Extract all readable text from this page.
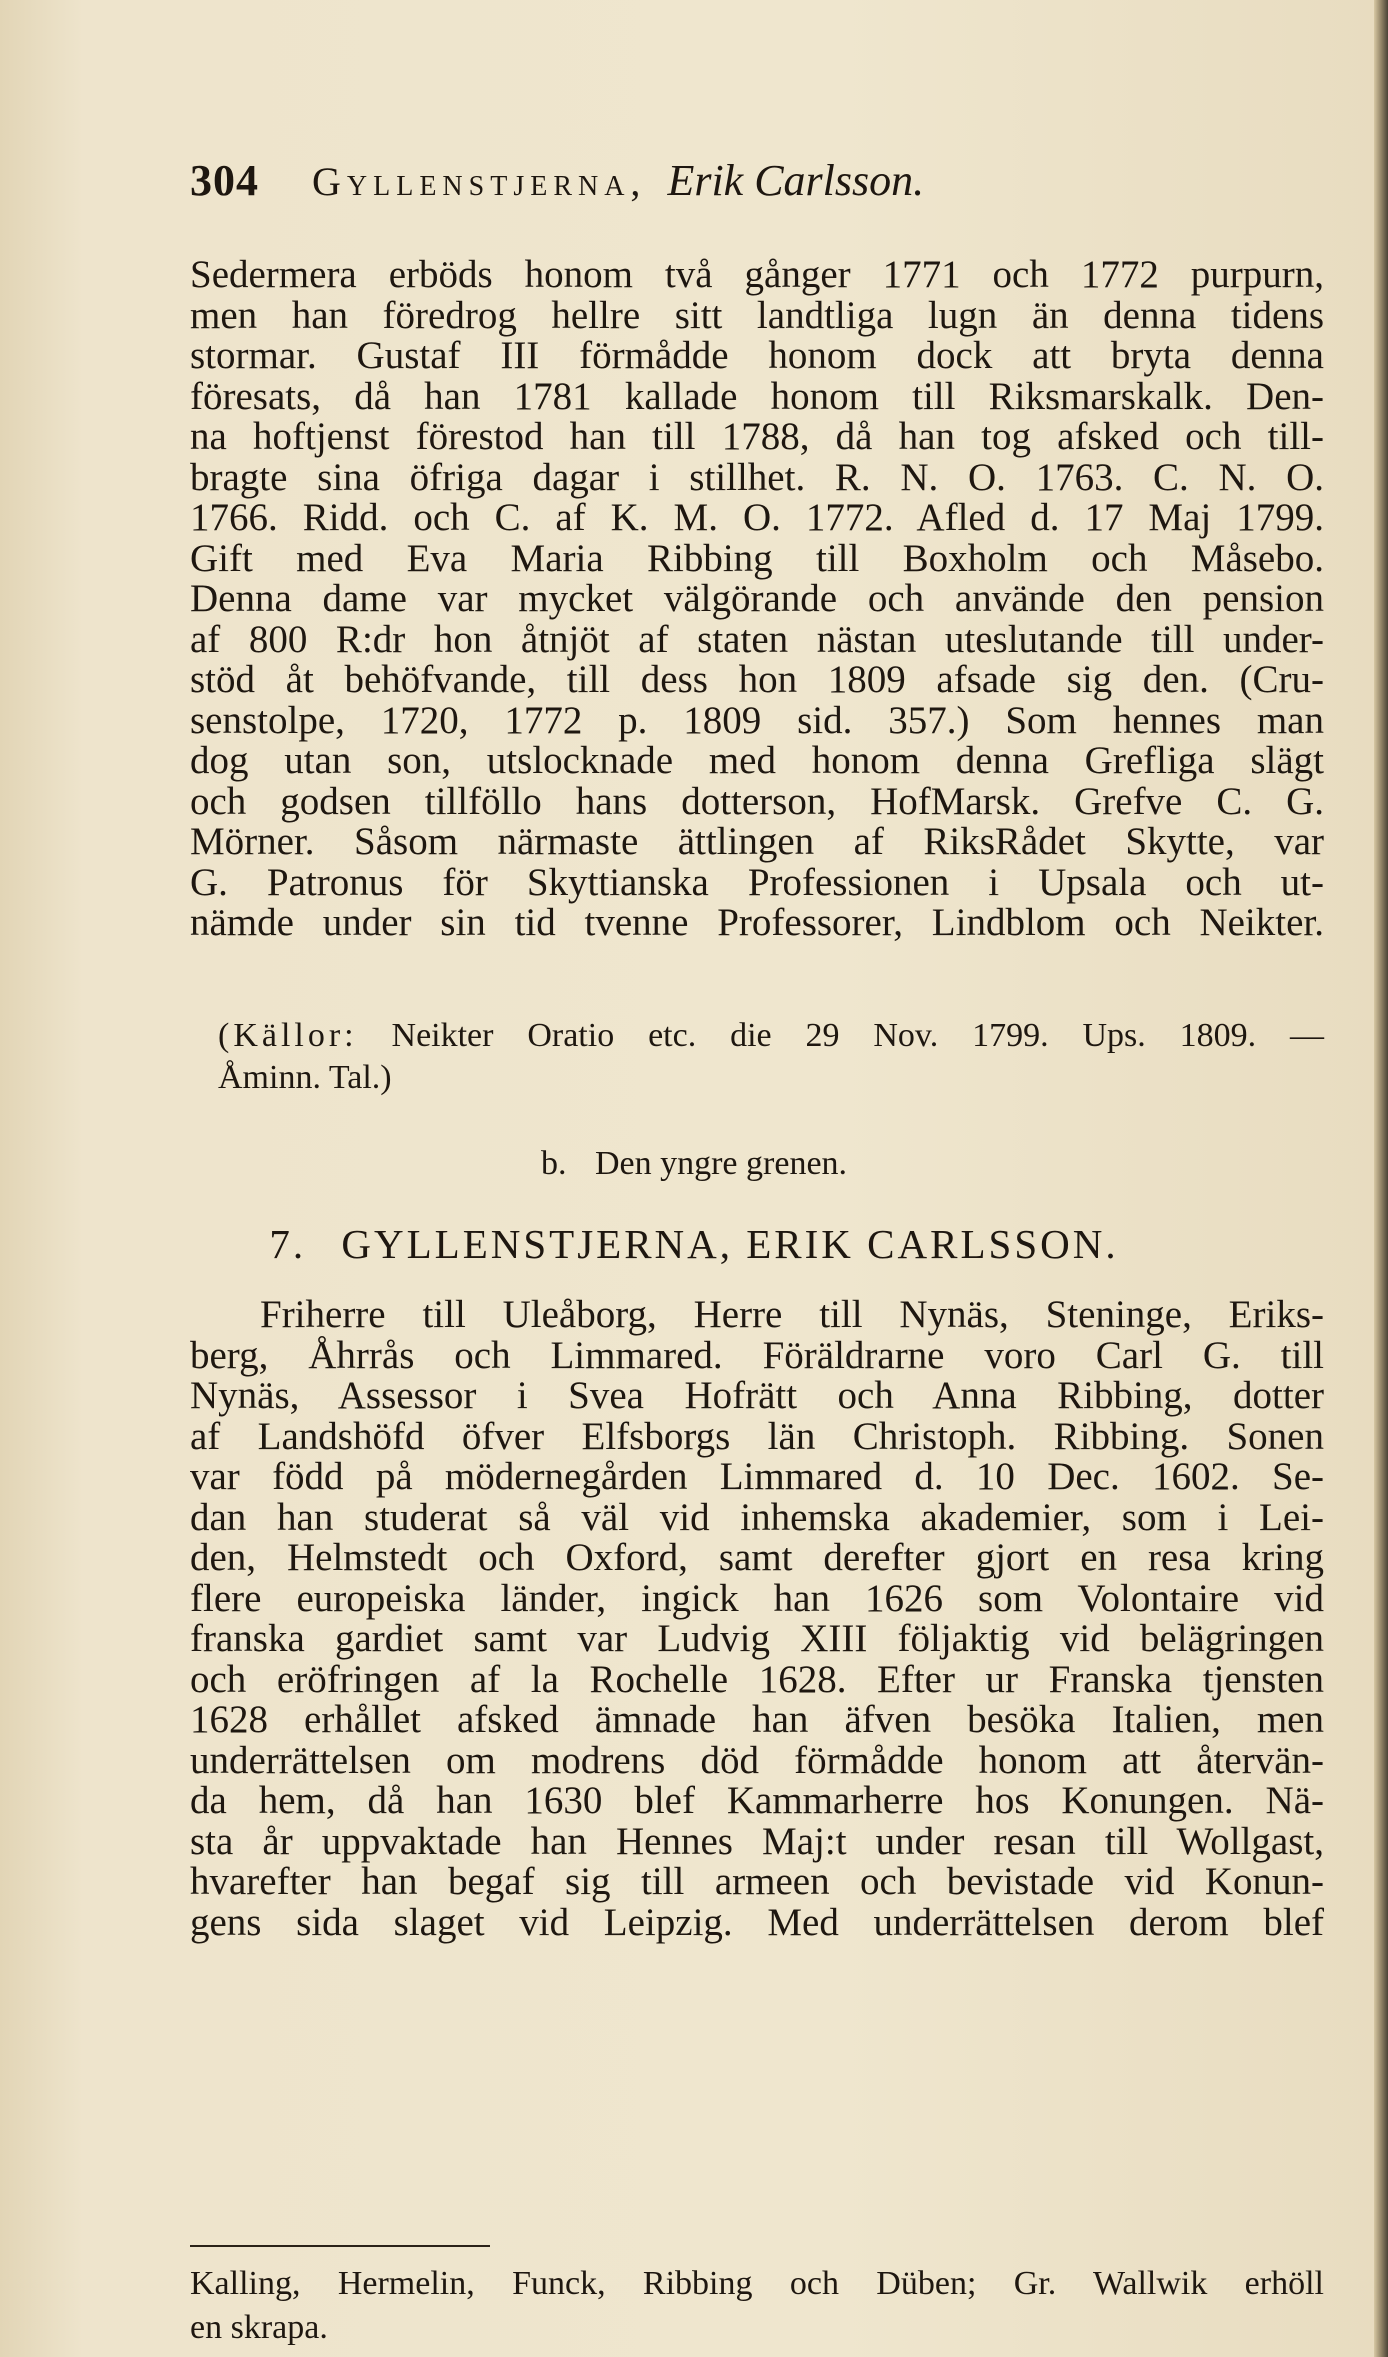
304 Gyllenstjerna, Erik Carlsson.

Sedermera erböds honom två gånger 1771 och 1772 purpurn,

men han föredrog hellre sitt landtliga lugn än denna tidens

stormar. Gustaf III förmådde honom dock att bryta denna

föresats, då han 1781 kallade honom till Riksmarskalk. Den-

na hoftjenst förestod han till 1788, då han tog afsked och till-

bragte sina öfriga dagar i stillhet. R. N. O. 1763. C. N. O.

1766. Ridd. och C. af K. M. O. 1772. Afled d. 17 Maj 1799.

Gift med Eva Maria Ribbing till Boxholm och Måsebo.

Denna dame var mycket välgörande och använde den pension

af 800 R:dr hon åtnjöt af staten nästan uteslutande till under-

stöd åt behöfvande, till dess hon 1809 afsade sig den. (Cru-

senstolpe, 1720, 1772 p. 1809 sid. 357.) Som hennes man

dog utan son, utslocknade med honom denna Grefliga slägt

och godsen tillföllo hans dotterson, HofMarsk. Grefve C. G.

Mörner. Såsom närmaste ättlingen af RiksRådet Skytte, var

G. Patronus för Skyttianska Professionen i Upsala och ut-

nämde under sin tid tvenne Professorer, Lindblom och Neikter.

(Källor: Neikter Oratio etc. die 29 Nov. 1799. Ups. 1809. —
Åminn. Tal.)
b. Den yngre grenen.
7. GYLLENSTJERNA, ERIK CARLSSON.

Friherre till Uleåborg, Herre till Nynäs, Steninge, Eriks-

berg, Åhrrås och Limmared. Föräldrarne voro Carl G. till

Nynäs, Assessor i Svea Hofrätt och Anna Ribbing, dotter

af Landshöfd öfver Elfsborgs län Christoph. Ribbing. Sonen

var född på mödernegården Limmared d. 10 Dec. 1602. Se-

dan han studerat så väl vid inhemska akademier, som i Lei-

den, Helmstedt och Oxford, samt derefter gjort en resa kring

flere europeiska länder, ingick han 1626 som Volontaire vid

franska gardiet samt var Ludvig XIII följaktig vid belägringen

och eröfringen af la Rochelle 1628. Efter ur Franska tjensten

1628 erhållet afsked ämnade han äfven besöka Italien, men

underrättelsen om modrens död förmådde honom att återvän-

da hem, då han 1630 blef Kammarherre hos Konungen. Nä-

sta år uppvaktade han Hennes Maj:t under resan till Wollgast,

hvarefter han begaf sig till armeen och bevistade vid Konun-

gens sida slaget vid Leipzig. Med underrättelsen derom blef

Kalling, Hermelin, Funck, Ribbing och Düben; Gr. Wallwik erhöll
en skrapa.
